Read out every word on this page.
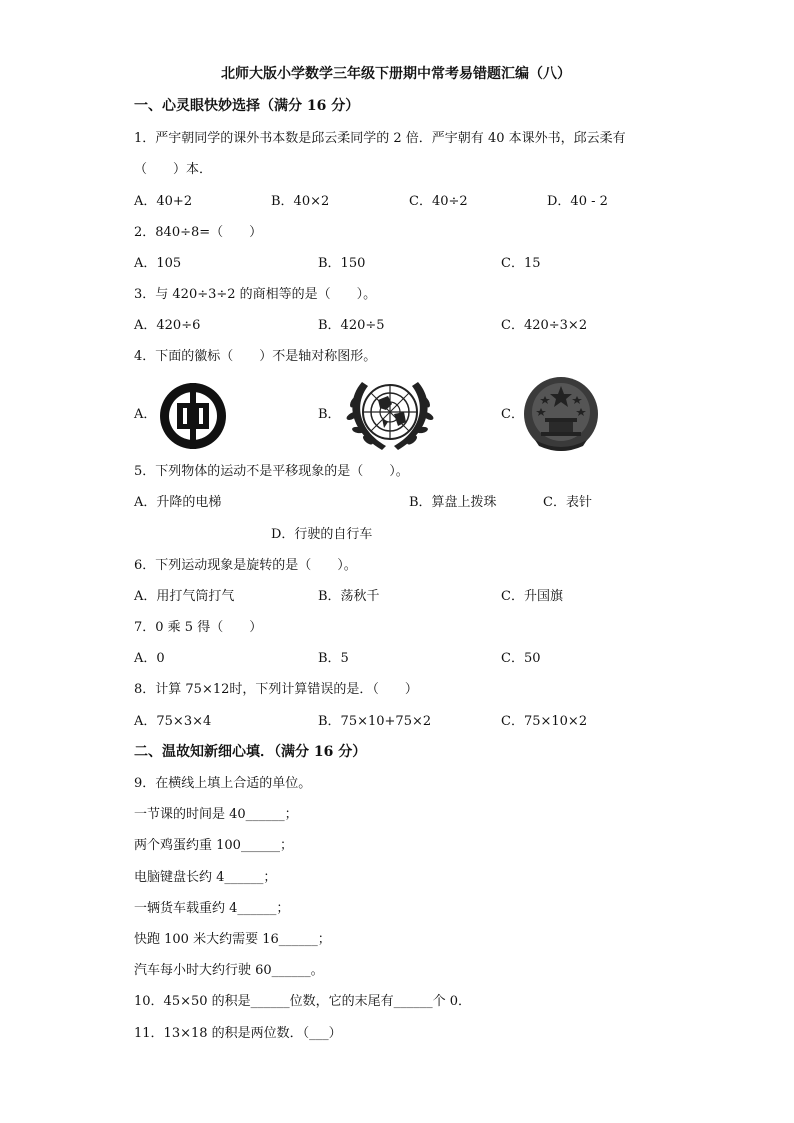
北师大版小学数学三年级下册期中常考易错题汇编（八）
一、心灵眼快妙选择（满分 16 分）
1．严宇朝同学的课外书本数是邱云柔同学的 2 倍．严宇朝有 40 本课外书，邱云柔有
（　　）本．
A．40+2	B．40×2	C．40÷2	D．40 - 2
2．840÷8=（　　）
A．105	B．150	C．15
3．与 420÷3÷2 的商相等的是（　　）。
A．420÷6	B．420÷5	C．420÷3×2
4．下面的徽标（　　）不是轴对称图形。
A．	B．	C．
5．下列物体的运动不是平移现象的是（　　）。
A．升降的电梯	B．算盘上拨珠	C．表针
D．行驶的自行车
6．下列运动现象是旋转的是（　　）。
A．用打气筒打气	B．荡秋千	C．升国旗
7．0 乘 5 得（　　）
A．0	B．5	C．50
8．计算 75×12时，下列计算错误的是．（　　）
A．75×3×4	B．75×10+75×2	C．75×10×2
二、温故知新细心填．（满分 16 分）
9．在横线上填上合适的单位。
一节课的时间是 40______；
两个鸡蛋约重 100______；
电脑键盘长约 4______；
一辆货车载重约 4______；
快跑 100 米大约需要 16______；
汽车每小时大约行驶 60______。
10．45×50 的积是______位数，它的末尾有______个 0．
11．13×18 的积是两位数．（___）
